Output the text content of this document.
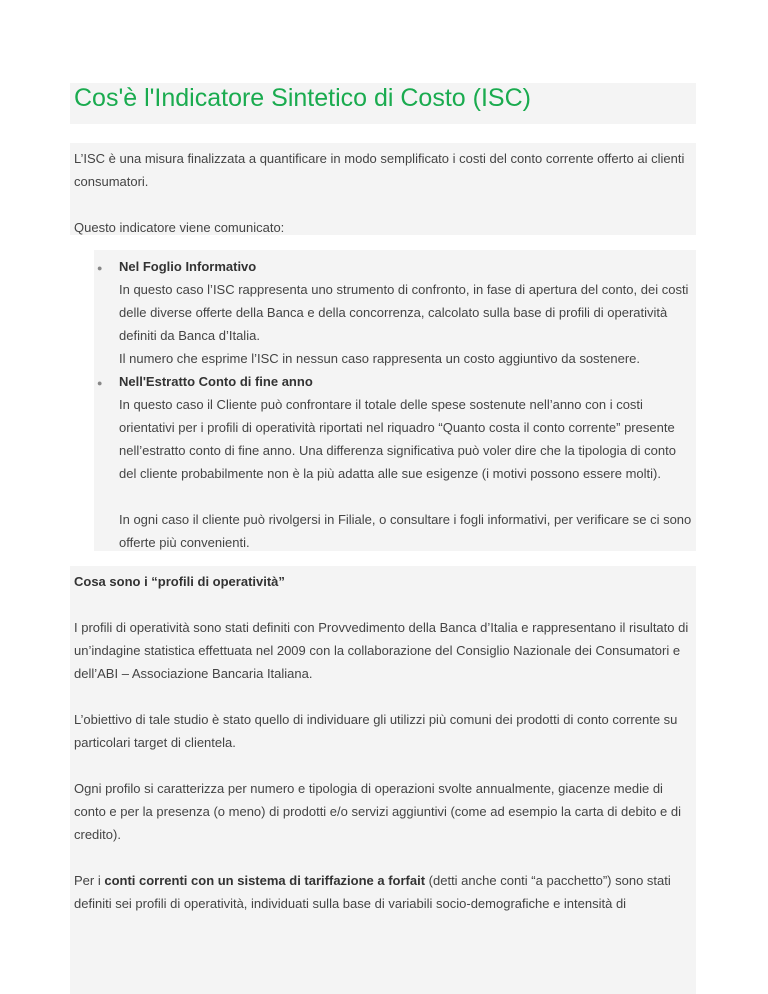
Cos'è l'Indicatore Sintetico di Costo (ISC)

L’ISC è una misura finalizzata a quantificare in modo semplificato i costi del conto corrente offerto ai clienti consumatori.

Questo indicatore viene comunicato:

● Nel Foglio Informativo

In questo caso l’ISC rappresenta uno strumento di confronto, in fase di apertura del conto, dei costi delle diverse offerte della Banca e della concorrenza, calcolato sulla base di profili di operatività definiti da Banca d’Italia.

Il numero che esprime l’ISC in nessun caso rappresenta un costo aggiuntivo da sostenere.

● Nell'Estratto Conto di fine anno

In questo caso il Cliente può confrontare il totale delle spese sostenute nell’anno con i costi orientativi per i profili di operatività riportati nel riquadro “Quanto costa il conto corrente” presente nell’estratto conto di fine anno. Una differenza significativa può voler dire che la tipologia di conto del cliente probabilmente non è la più adatta alle sue esigenze (i motivi possono essere molti).

In ogni caso il cliente può rivolgersi in Filiale, o consultare i fogli informativi, per verificare se ci sono offerte più convenienti.

Cosa sono i “profili di operatività”

I profili di operatività sono stati definiti con Provvedimento della Banca d’Italia e rappresentano il risultato di un’indagine statistica effettuata nel 2009 con la collaborazione del Consiglio Nazionale dei Consumatori e dell’ABI – Associazione Bancaria Italiana.

L’obiettivo di tale studio è stato quello di individuare gli utilizzi più comuni dei prodotti di conto corrente su particolari target di clientela.

Ogni profilo si caratterizza per numero e tipologia di operazioni svolte annualmente, giacenze medie di conto e per la presenza (o meno) di prodotti e/o servizi aggiuntivi (come ad esempio la carta di debito e di credito).

Per i conti correnti con un sistema di tariffazione a forfait (detti anche conti “a pacchetto”) sono stati definiti sei profili di operatività, individuati sulla base di variabili socio-demografiche e intensità di
